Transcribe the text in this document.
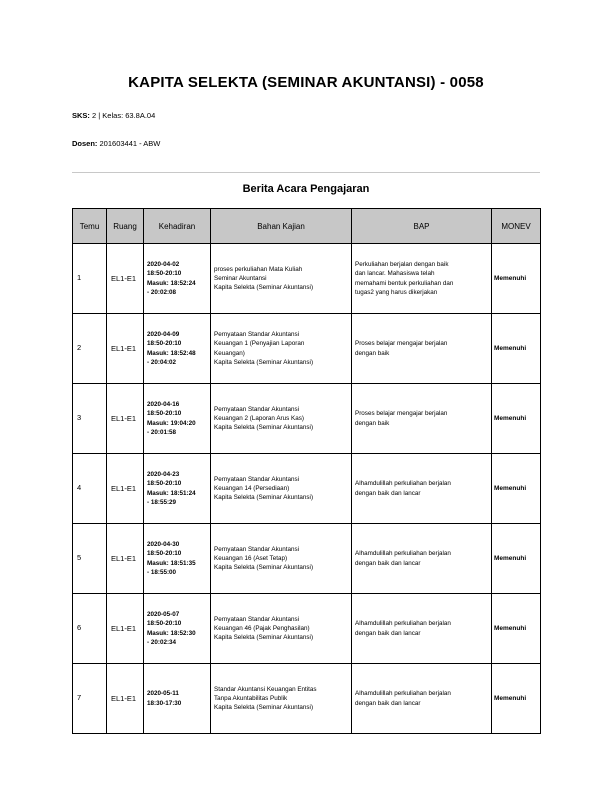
KAPITA SELEKTA (SEMINAR AKUNTANSI) - 0058
SKS: 2 | Kelas: 63.8A.04
Dosen: 201603441 - ABW
Berita Acara Pengajaran
Temu	Ruang	Kehadiran	Bahan Kajian	BAP	MONEV
1	EL1-E1	2020-04-02
18:50-20:10
Masuk: 18:52:24
- 20:02:08	proses perkuliahan Mata Kuliah
Seminar Akuntansi
Kapita Selekta (Seminar Akuntansi)	Perkuliahan berjalan dengan baik
dan lancar. Mahasiswa telah
memahami bentuk perkuliahan dan
tugas2 yang harus dikerjakan	Memenuhi
2	EL1-E1	2020-04-09
18:50-20:10
Masuk: 18:52:48
- 20:04:02	Pernyataan Standar Akuntansi
Keuangan 1 (Penyajian Laporan
Keuangan)
Kapita Selekta (Seminar Akuntansi)	Proses belajar mengajar berjalan
dengan baik	Memenuhi
3	EL1-E1	2020-04-16
18:50-20:10
Masuk: 19:04:20
- 20:01:58	Pernyataan Standar Akuntansi
Keuangan 2 (Laporan Arus Kas)
Kapita Selekta (Seminar Akuntansi)	Proses belajar mengajar berjalan
dengan baik	Memenuhi
4	EL1-E1	2020-04-23
18:50-20:10
Masuk: 18:51:24
- 18:55:29	Pernyataan Standar Akuntansi
Keuangan 14 (Persediaan)
Kapita Selekta (Seminar Akuntansi)	Alhamdulillah perkuliahan berjalan
dengan baik dan lancar	Memenuhi
5	EL1-E1	2020-04-30
18:50-20:10
Masuk: 18:51:35
- 18:55:00	Pernyataan Standar Akuntansi
Keuangan 16 (Aset Tetap)
Kapita Selekta (Seminar Akuntansi)	Alhamdulillah perkuliahan berjalan
dengan baik dan lancar	Memenuhi
6	EL1-E1	2020-05-07
18:50-20:10
Masuk: 18:52:30
- 20:02:34	Pernyataan Standar Akuntansi
Keuangan 46 (Pajak Penghasilan)
Kapita Selekta (Seminar Akuntansi)	Alhamdulillah perkuliahan berjalan
dengan baik dan lancar	Memenuhi
7	EL1-E1	2020-05-11
18:30-17:30	Standar Akuntansi Keuangan Entitas
Tanpa Akuntabilitas Publik
Kapita Selekta (Seminar Akuntansi)	Alhamdulillah perkuliahan berjalan
dengan baik dan lancar	Memenuhi
